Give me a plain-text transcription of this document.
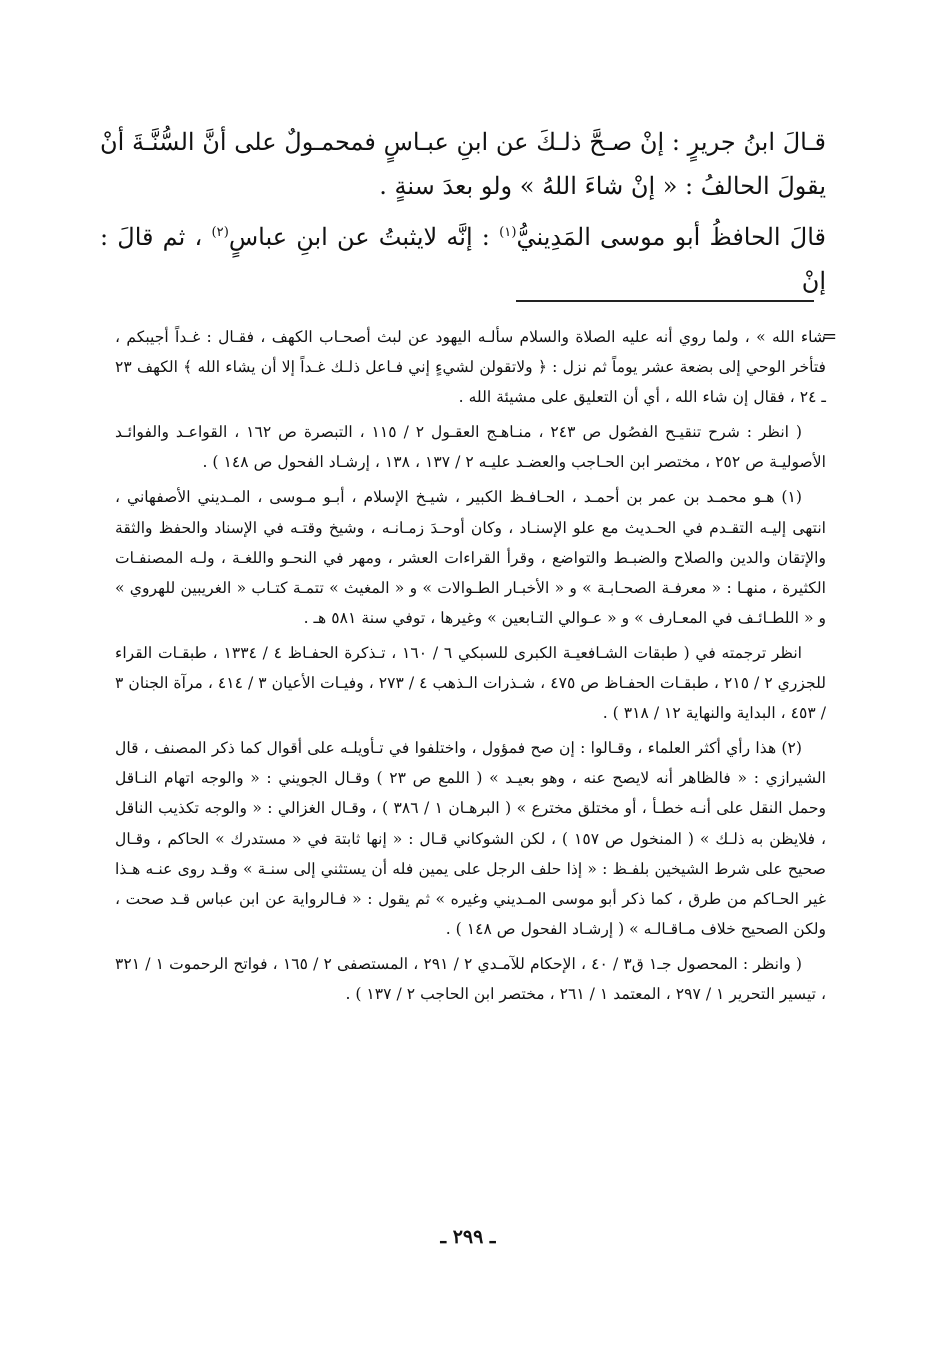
قـالَ ابنُ جريرٍ : إنْ صـحَّ ذلـكَ عن ابنِ عبـاسٍ فمحمـولٌ على أنَّ السُّنَّـةَ أنْ يقولَ الحالفُ : « إنْ شاءَ اللهُ » ولو بعدَ سنةٍ .

قالَ الحافظُ أبو موسى المَدِينيُّ$^{(١)}$ : إنَّه لايثبتُ عن ابنِ عباسٍ$^{(٢)}$ ، ثم قالَ : إنْ

=

شاء الله » ، ولما روي أنه عليه الصلاة والسلام سألـه اليهود عن لبث أصحـاب الكهف ، فقـال : غـداً أجيبكم ، فتأخر الوحي إلى بضعة عشر يوماً ثم نزل : ﴿ ولاتقولن لشيءٍ إني فـاعل ذلـك غـداً إلا أن يشاء الله ﴾ الكهف ٢٣ ـ ٢٤ ، فقال إن شاء الله ، أي أن التعليق على مشيئة الله .

( انظر : شرح تنقيـح الفصُول ص ٢٤٣ ، منـاهـج العقـول ٢ / ١١٥ ، التبصرة ص ١٦٢ ، القواعـد والفوائـد الأصوليـة ص ٢٥٢ ، مختصر ابن الحـاجب والعضـد عليـه ٢ / ١٣٧ ، ١٣٨ ، إرشـاد الفحول ص ١٤٨ ) .

(١) هـو محمـد بن عمر بن أحمـد ، الحـافـظ الكبير ، شيـخ الإسلام ، أبـو مـوسى ، المـديني الأصفهاني ، انتهى إليـه التقـدم في الحـديث مع علو الإسنـاد ، وكان أوحـدَ زمـانـه ، وشيخ وقتـه في الإسناد والحفظ والثقة والإتقان والدين والصلاح والضبـط والتواضع ، وقرأ القراءات العشر ، ومهر في النحـو واللغـة ، ولـه المصنفـات الكثيرة ، منهـا : « معرفـة الصحـابـة » و « الأخبـار الطـوالات » و « المغيث » تتمـة كتـاب « الغريبين للهروي » و « اللطـائـف في المعـارف » و « عـوالي التـابعين » وغيرها ، توفي سنة ٥٨١ هـ .

انظر ترجمته في ( طبقات الشـافعيـة الكبرى للسبكي ٦ / ١٦٠ ، تـذكرة الحفـاظ ٤ / ١٣٣٤ ، طبقـات القراء للجزري ٢ / ٢١٥ ، طبقـات الحفـاظ ص ٤٧٥ ، شـذرات الـذهب ٤ / ٢٧٣ ، وفيـات الأعيان ٣ / ٤١٤ ، مرآة الجنان ٣ / ٤٥٣ ، البداية والنهاية ١٢ / ٣١٨ ) .

(٢) هذا رأي أكثر العلماء ، وقـالوا : إن صح فمؤول ، واختلفوا في تـأويلـه على أقوال كما ذكر المصنف ، قال الشيرازي : « فالظاهر أنه لايصح عنه ، وهو بعيـد » ( اللمع ص ٢٣ ) وقـال الجويني : « والوجه اتهام النـاقل وحمل النقل على أنـه خطـأ ، أو مختلق مخترع » ( البرهـان ١ / ٣٨٦ ) ، وقـال الغزالي : « والوجه تكذيب الناقل ، فلايظن به ذلـك » ( المنخول ص ١٥٧ ) ، لكن الشوكاني قـال : « إنها ثابتة في « مستدرك » الحاكم ، وقـال صحيح على شرط الشيخين بلفـظ : « إذا حلف الرجل على يمين فله أن يستثني إلى سنـة » وقـد روى عنـه هـذا غير الحـاكم من طرق ، كما ذكر أبو موسى المـديني وغيره » ثم يقول : « فـالرواية عن ابن عباس قـد صحت ، ولكن الصحيح خلاف مـاقـالـه » ( إرشـاد الفحول ص ١٤٨ ) .

( وانظر : المحصول جـ١ ق٣ / ٤٠ ، الإحكام للآمـدي ٢ / ٢٩١ ، المستصفى ٢ / ١٦٥ ، فواتح الرحموت ١ / ٣٢١ ، تيسير التحرير ١ / ٢٩٧ ، المعتمد ١ / ٢٦١ ، مختصر ابن الحاجب ٢ / ١٣٧ ) .

ـ ٢٩٩ ـ
